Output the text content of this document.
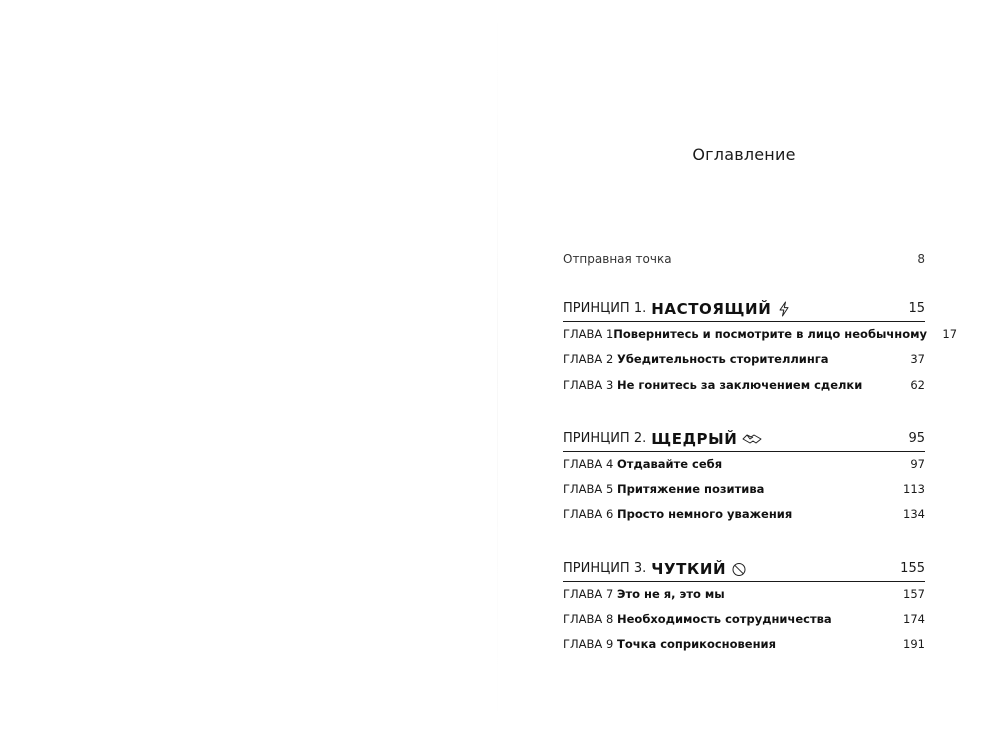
Оглавление
Отправная точка	8
ПРИНЦИП 1. НАСТОЯЩИЙ	15
ГЛАВА 1 Повернитесь и посмотрите в лицо необычному	17
ГЛАВА 2 Убедительность сторителлинга	37
ГЛАВА 3 Не гонитесь за заключением сделки	62
ПРИНЦИП 2. ЩЕДРЫЙ	95
ГЛАВА 4 Отдавайте себя	97
ГЛАВА 5 Притяжение позитива	113
ГЛАВА 6 Просто немного уважения	134
ПРИНЦИП 3. ЧУТКИЙ	155
ГЛАВА 7 Это не я, это мы	157
ГЛАВА 8 Необходимость сотрудничества	174
ГЛАВА 9 Точка соприкосновения	191
